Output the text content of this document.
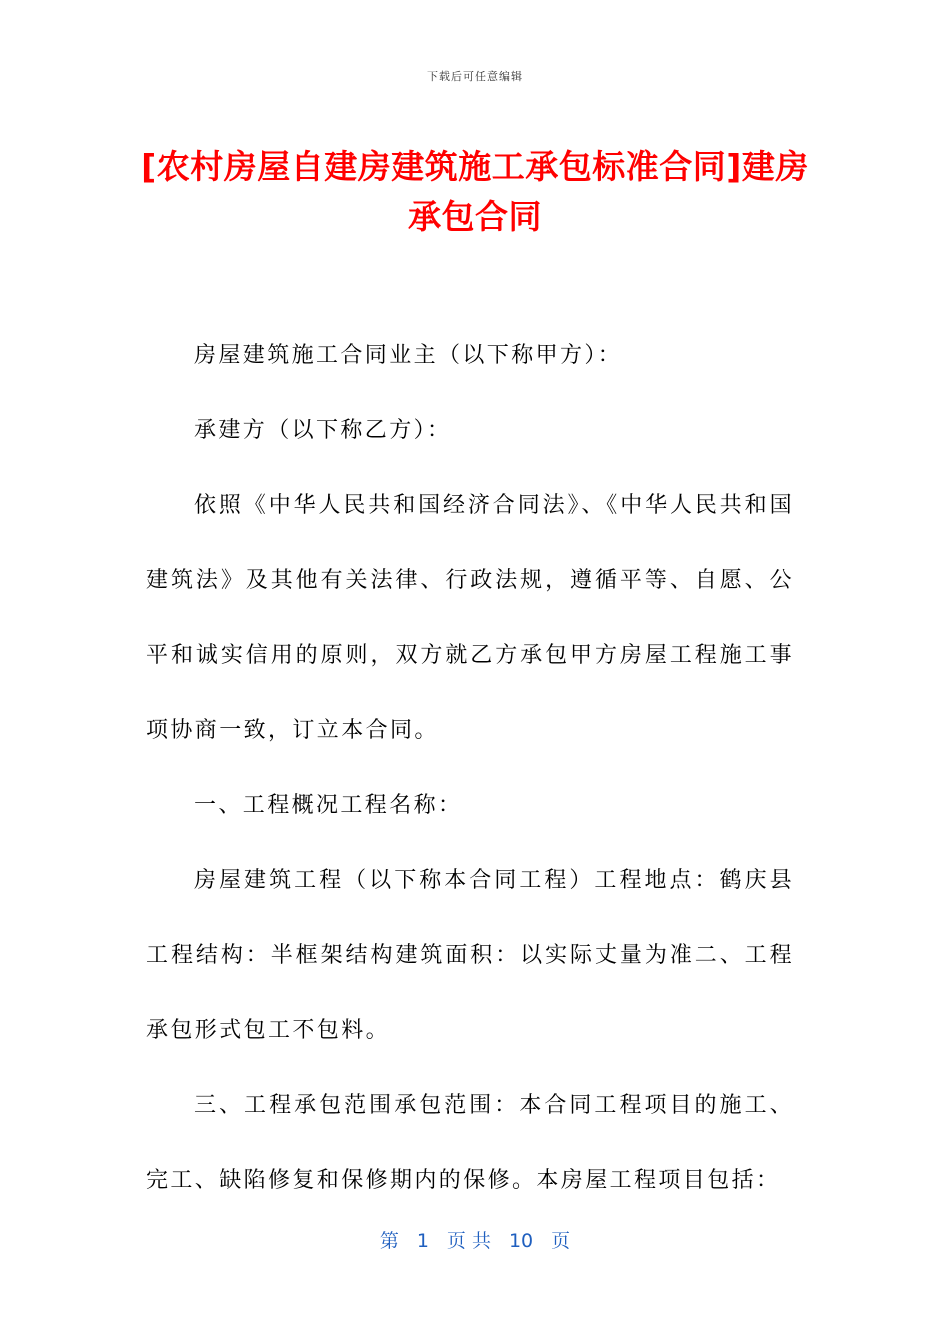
下载后可任意编辑
[农村房屋自建房建筑施工承包标准合同]建房承包合同

房屋建筑施工合同业主（以下称甲方）：

承建方（以下称乙方）：

依照《中华人民共和国经济合同法》、《中华人民共和国建筑法》及其他有关法律、行政法规，遵循平等、自愿、公平和诚实信用的原则，双方就乙方承包甲方房屋工程施工事项协商一致，订立本合同。

一、工程概况工程名称：

房屋建筑工程（以下称本合同工程）工程地点：鹤庆县工程结构：半框架结构建筑面积：以实际丈量为准二、工程承包形式包工不包料。

三、工程承包范围承包范围：本合同工程项目的施工、完工、缺陷修复和保修期内的保修。本房屋工程项目包括：

第 1 页 共 10 页
